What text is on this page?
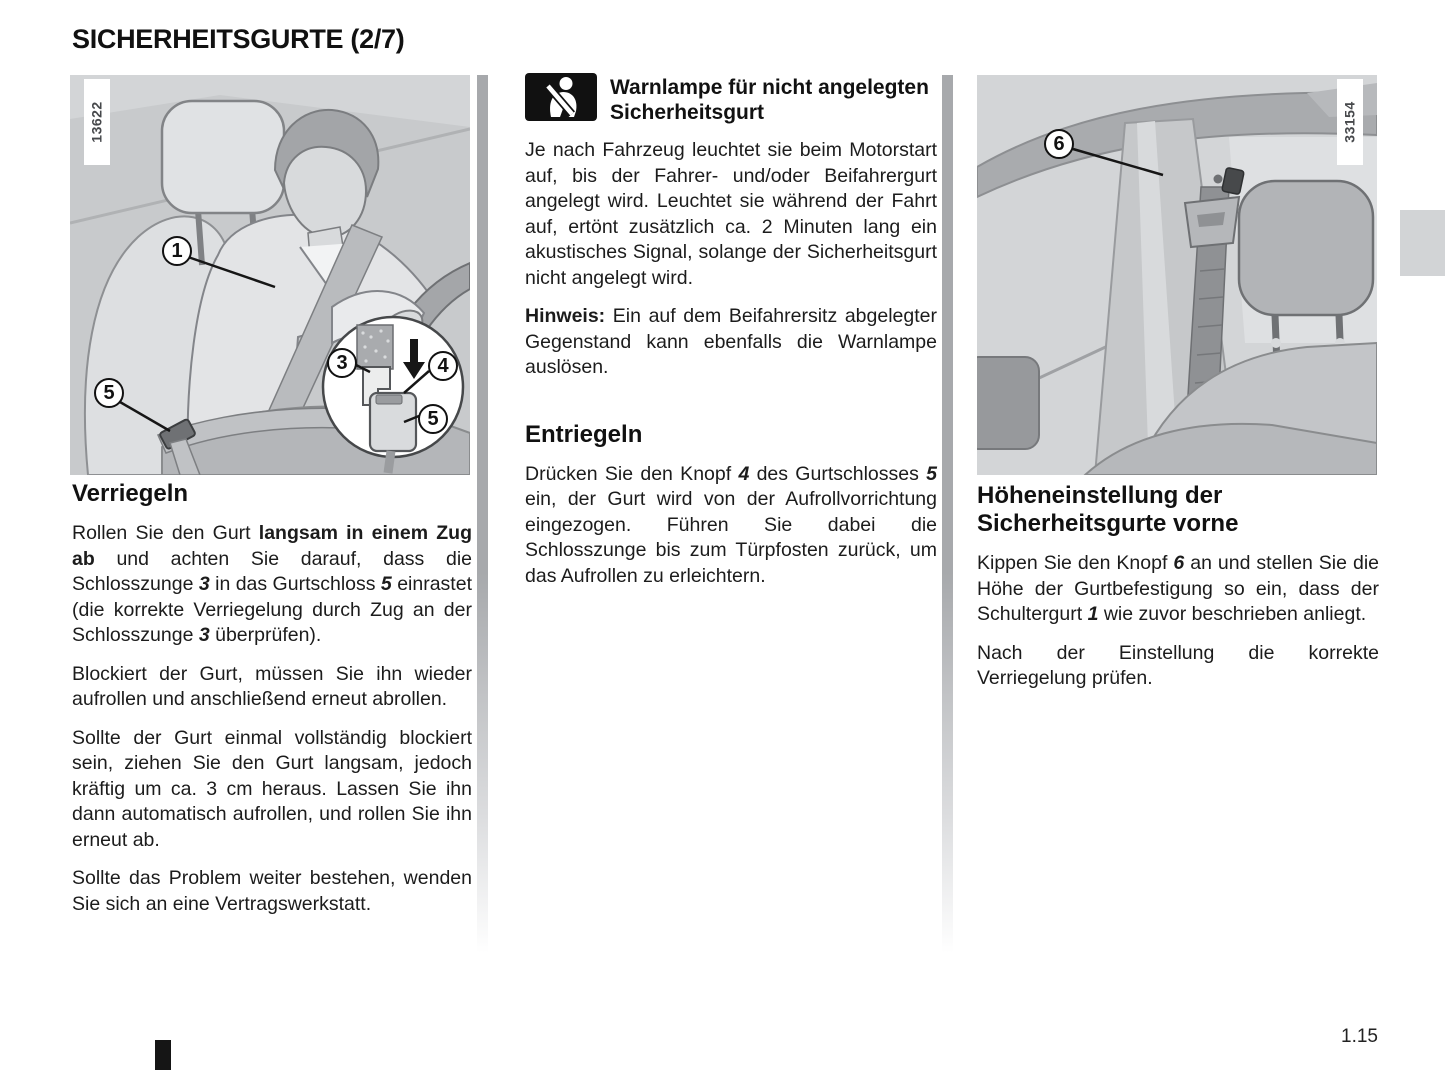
SICHERHEITSGURTE (2/7)
13622
1
3	4
5
5
Verriegeln

Rollen Sie den Gurt langsam in einem Zug ab und achten Sie darauf, dass die Schlosszunge 3 in das Gurtschloss 5 einrastet (die korrekte Verriegelung durch Zug an der Schlosszunge 3 überprüfen).

Blockiert der Gurt, müssen Sie ihn wieder aufrollen und anschließend erneut abrollen.

Sollte der Gurt einmal vollständig blockiert sein, ziehen Sie den Gurt langsam, jedoch kräftig um ca. 3 cm heraus. Lassen Sie ihn dann automatisch aufrollen, und rollen Sie ihn erneut ab.

Sollte das Problem weiter bestehen, wenden Sie sich an eine Vertragswerkstatt.

Warnlampe für nicht angelegten Sicherheitsgurt

Je nach Fahrzeug leuchtet sie beim Motorstart auf, bis der Fahrer- und/oder Beifahrergurt angelegt wird. Leuchtet sie während der Fahrt auf, ertönt zusätzlich ca. 2 Minuten lang ein akustisches Signal, solange der Sicherheitsgurt nicht angelegt wird.

Hinweis: Ein auf dem Beifahrersitz abgelegter Gegenstand kann ebenfalls die Warnlampe auslösen.

Entriegeln

Drücken Sie den Knopf 4 des Gurtschlosses 5 ein, der Gurt wird von der Aufrollvorrichtung eingezogen. Führen Sie dabei die Schlosszunge bis zum Türpfosten zurück, um das Aufrollen zu erleichtern.

33154
6
Höheneinstellung der Sicherheitsgurte vorne

Kippen Sie den Knopf 6 an und stellen Sie die Höhe der Gurtbefestigung so ein, dass der Schultergurt 1 wie zuvor beschrieben anliegt.

Nach der Einstellung die korrekte Verriegelung prüfen.

1.15
